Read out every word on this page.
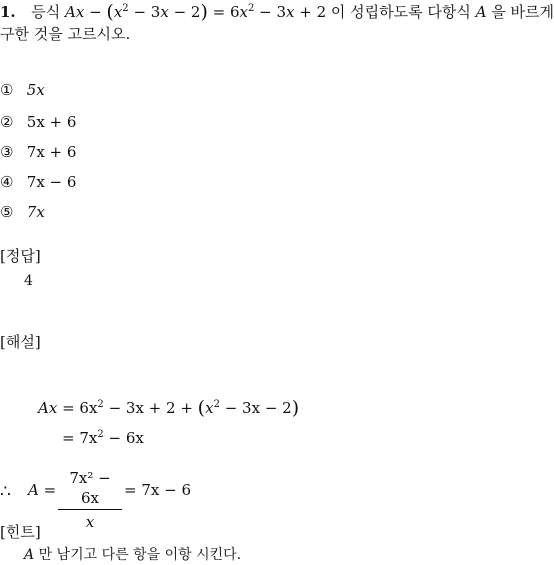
1. 등식 $Ax - (x^2 - 3x - 2) = 6x^2 - 3x + 2$ 이 성립하도록 다항식 A 을 바르게
구한 것을 고르시오.
① 5x
② 5x + 6
③ 7x + 6
④ 7x − 6
⑤ 7x
[정답]
4
[해설]
$Ax = 6x^2 - 3x + 2 + (x^2 - 3x - 2)$
= $7x^2 - 6x$
∴ A =
7x² − 6x
x
= 7x − 6
[힌트]
A 만 남기고 다른 항을 이항 시킨다.
